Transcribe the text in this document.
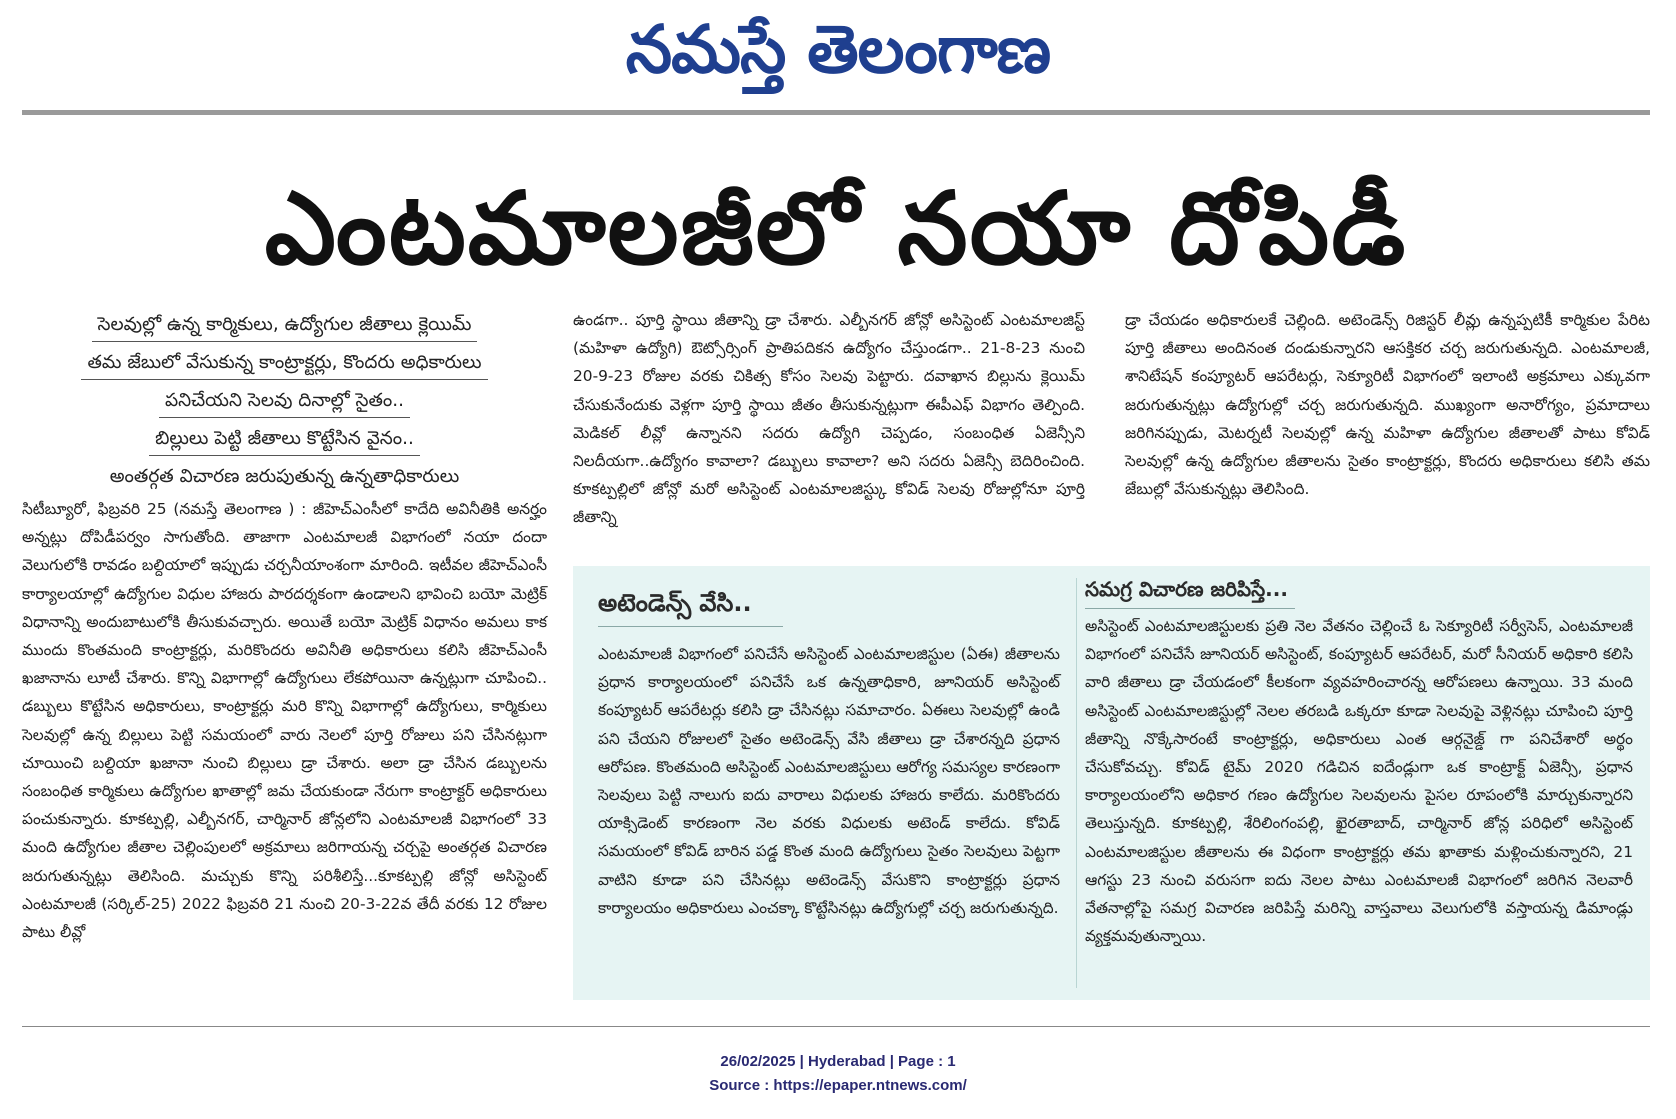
నమస్తే తెలంగాణ
ఎంటమాలజీలో నయా దోపిడీ
సెలవుల్లో ఉన్న కార్మికులు, ఉద్యోగుల జీతాలు క్లెయిమ్
తమ జేబులో వేసుకున్న కాంట్రాక్టర్లు, కొందరు అధికారులు
పనిచేయని సెలవు దినాల్లో సైతం..
బిల్లులు పెట్టి జీతాలు కొట్టేసిన వైనం..
అంతర్గత విచారణ జరుపుతున్న ఉన్నతాధికారులు

సిటీబ్యూరో, ఫిబ్రవరి 25 (నమస్తే తెలంగాణ ) : జీహెచ్ఎంసీలో కాదేది అవినీతికి అనర్హం అన్నట్లు దోపిడీపర్వం సాగుతోంది. తాజాగా ఎంటమాలజీ విభాగంలో నయా దందా వెలుగులోకి రావడం బల్దియాలో ఇప్పుడు చర్చనీయాంశంగా మారింది. ఇటీవల జీహెచ్ఎంసీ కార్యాలయాల్లో ఉద్యోగుల విధుల హాజరు పారదర్శకంగా ఉండాలని భావించి బయో మెట్రిక్ విధానాన్ని అందుబాటులోకి తీసుకువచ్చారు. అయితే బయో మెట్రిక్ విధానం అమలు కాక ముందు కొంతమంది కాంట్రాక్టర్లు, మరికొందరు అవినీతి అధికారులు కలిసి జీహెచ్ఎంసీ ఖజానాను లూటీ చేశారు. కొన్ని విభాగాల్లో ఉద్యోగులు లేకపోయినా ఉన్నట్లుగా చూపించి.. డబ్బులు కొట్టేసిన అధికారులు, కాంట్రాక్టర్లు మరి కొన్ని విభాగాల్లో ఉద్యోగులు, కార్మికులు సెలవుల్లో ఉన్న బిల్లులు పెట్టి సమయంలో వారు నెలలో పూర్తి రోజులు పని చేసినట్లుగా చూయించి బల్దియా ఖజానా నుంచి బిల్లులు డ్రా చేశారు. అలా డ్రా చేసిన డబ్బులను సంబంధిత కార్మికులు ఉద్యోగుల ఖాతాల్లో జమ చేయకుండా నేరుగా కాంట్రాక్టర్ అధికారులు పంచుకున్నారు. కూకట్పల్లి, ఎల్బీనగర్, చార్మినార్ జోన్లలోని ఎంటమాలజీ విభాగంలో 33 మంది ఉద్యోగుల జీతాల చెల్లింపులలో అక్రమాలు జరిగాయన్న చర్చపై అంతర్గత విచారణ జరుగుతున్నట్లు తెలిసింది. మచ్చుకు కొన్ని పరిశీలిస్తే...కూకట్పల్లి జోన్లో అసిస్టెంట్ ఎంటమాలజీ (సర్కిల్-25) 2022 ఫిబ్రవరి 21 నుంచి 20-3-22వ తేదీ వరకు 12 రోజుల పాటు లీవ్లో

ఉండగా.. పూర్తి స్థాయి జీతాన్ని డ్రా చేశారు. ఎల్బీనగర్ జోన్లో అసిస్టెంట్ ఎంటమాలజిస్ట్ (మహిళా ఉద్యోగి) ఔట్సోర్సింగ్ ప్రాతిపదికన ఉద్యోగం చేస్తుండగా.. 21-8-23 నుంచి 20-9-23 రోజుల వరకు చికిత్స కోసం సెలవు పెట్టారు. దవాఖాన బిల్లును క్లెయిమ్ చేసుకునేందుకు వెళ్లగా పూర్తి స్థాయి జీతం తీసుకున్నట్లుగా ఈపీఎఫ్ విభాగం తెల్పింది. మెడికల్ లీవ్లో ఉన్నానని సదరు ఉద్యోగి చెప్పడం, సంబంధిత ఏజెన్సీని నిలదీయగా..ఉద్యోగం కావాలా? డబ్బులు కావాలా? అని సదరు ఏజెన్సీ బెదిరించింది. కూకట్పల్లిలో జోన్లో మరో అసిస్టెంట్ ఎంటమాలజిస్ట్కు కోవిడ్ సెలవు రోజుల్లోనూ పూర్తి జీతాన్ని

డ్రా చేయడం అధికారులకే చెల్లింది. అటెండెన్స్ రిజిస్టర్ లీవ్లు ఉన్నప్పటికీ కార్మికుల పేరిట పూర్తి జీతాలు అందినంత దండుకున్నారని ఆసక్తికర చర్చ జరుగుతున్నది. ఎంటమాలజీ, శానిటేషన్ కంప్యూటర్ ఆపరేటర్లు, సెక్యూరిటీ విభాగంలో ఇలాంటి అక్రమాలు ఎక్కువగా జరుగుతున్నట్లు ఉద్యోగుల్లో చర్చ జరుగుతున్నది. ముఖ్యంగా అనారోగ్యం, ప్రమాదాలు జరిగినప్పుడు, మెటర్నటీ సెలవుల్లో ఉన్న మహిళా ఉద్యోగుల జీతాలతో పాటు కోవిడ్ సెలవుల్లో ఉన్న ఉద్యోగుల జీతాలను సైతం కాంట్రాక్టర్లు, కొందరు అధికారులు కలిసి తమ జేబుల్లో వేసుకున్నట్లు తెలిసింది.

అటెండెన్స్ వేసి..	సమగ్ర విచారణ జరిపిస్తే...

ఎంటమాలజీ విభాగంలో పనిచేసే అసిస్టెంట్ ఎంటమాలజిస్టుల (ఏఈ) జీతాలను ప్రధాన కార్యాలయంలో పనిచేసే ఒక ఉన్నతాధికారి, జూనియర్ అసిస్టెంట్ కంప్యూటర్ ఆపరేటర్లు కలిసి డ్రా చేసినట్లు సమాచారం. ఏఈలు సెలవుల్లో ఉండి పని చేయని రోజులలో సైతం అటెండెన్స్ వేసి జీతాలు డ్రా చేశారన్నది ప్రధాన ఆరోపణ. కొంతమంది అసిస్టెంట్ ఎంటమాలజిస్టులు ఆరోగ్య సమస్యల కారణంగా సెలవులు పెట్టి నాలుగు ఐదు వారాలు విధులకు హాజరు కాలేదు. మరికొందరు యాక్సిడెంట్ కారణంగా నెల వరకు విధులకు అటెండ్ కాలేదు. కోవిడ్ సమయంలో కోవిడ్ బారిన పడ్డ కొంత మంది ఉద్యోగులు సైతం సెలవులు పెట్టగా వాటిని కూడా పని చేసినట్లు అటెండెన్స్ వేసుకొని కాంట్రాక్టర్లు ప్రధాన కార్యాలయం అధికారులు ఎంచక్కా కొట్టేసినట్లు ఉద్యోగుల్లో చర్చ జరుగుతున్నది.

అసిస్టెంట్ ఎంటమాలజిస్టులకు ప్రతి నెల వేతనం చెల్లించే ఓ సెక్యూరిటీ సర్వీసెస్, ఎంటమాలజీ విభాగంలో పనిచేసే జూనియర్ అసిస్టెంట్, కంప్యూటర్ ఆపరేటర్, మరో సీనియర్ అధికారి కలిసి వారి జీతాలు డ్రా చేయడంలో కీలకంగా వ్యవహరించారన్న ఆరోపణలు ఉన్నాయి. 33 మంది అసిస్టెంట్ ఎంటమాలజిస్టుల్లో నెలల తరబడి ఒక్కరూ కూడా సెలవుపై వెళ్లినట్లు చూపించి పూర్తి జీతాన్ని నొక్కేసారంటే కాంట్రాక్టర్లు, అధికారులు ఎంత ఆర్గనైజ్డ్ గా పనిచేశారో అర్థం చేసుకోవచ్చు. కోవిడ్ టైమ్ 2020 గడిచిన ఐదేండ్లుగా ఒక కాంట్రాక్ట్ ఏజెన్సీ, ప్రధాన కార్యాలయంలోని అధికార గణం ఉద్యోగుల సెలవులను పైసల రూపంలోకి మార్చుకున్నారని తెలుస్తున్నది. కూకట్పల్లి, శేరిలింగంపల్లి, ఖైరతాబాద్, చార్మినార్ జోన్ల పరిధిలో అసిస్టెంట్ ఎంటమాలజిస్టుల జీతాలను ఈ విధంగా కాంట్రాక్టర్లు తమ ఖాతాకు మళ్లించుకున్నారని, 21 ఆగస్టు 23 నుంచి వరుసగా ఐదు నెలల పాటు ఎంటమాలజీ విభాగంలో జరిగిన నెలవారీ వేతనాల్లోపై సమగ్ర విచారణ జరిపిస్తే మరిన్ని వాస్తవాలు వెలుగులోకి వస్తాయన్న డిమాండ్లు వ్యక్తమవుతున్నాయి.

26/02/2025 | Hyderabad | Page : 1
Source : https://epaper.ntnews.com/
